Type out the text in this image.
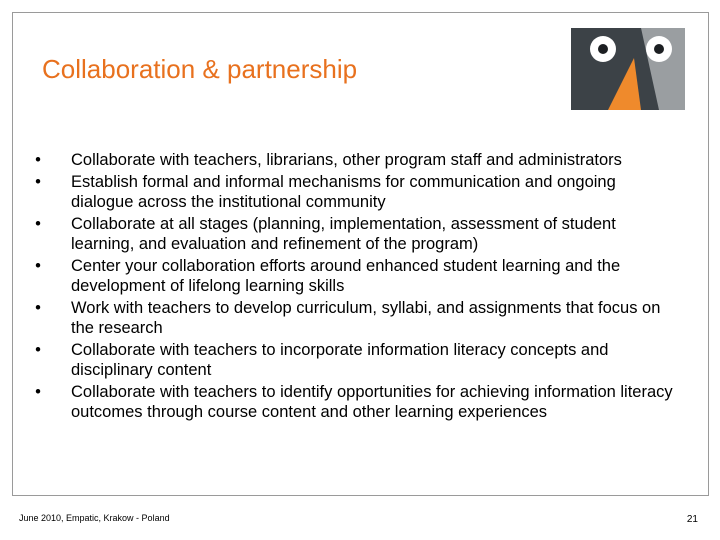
Collaboration & partnership
•	Collaborate with teachers, librarians, other program staff and administrators
•	Establish formal and informal mechanisms for communication and ongoing dialogue across the institutional community
•	Collaborate at all stages (planning, implementation, assessment of student learning, and evaluation and refinement of the program)
•	Center your collaboration efforts around enhanced student learning and the development of lifelong learning skills
•	Work with teachers to develop curriculum, syllabi, and assignments that focus on the research
•	Collaborate with teachers to incorporate information literacy concepts and disciplinary content
•	Collaborate with teachers to identify opportunities for achieving information literacy outcomes through course content and other learning experiences
June 2010, Empatic, Krakow - Poland	21
